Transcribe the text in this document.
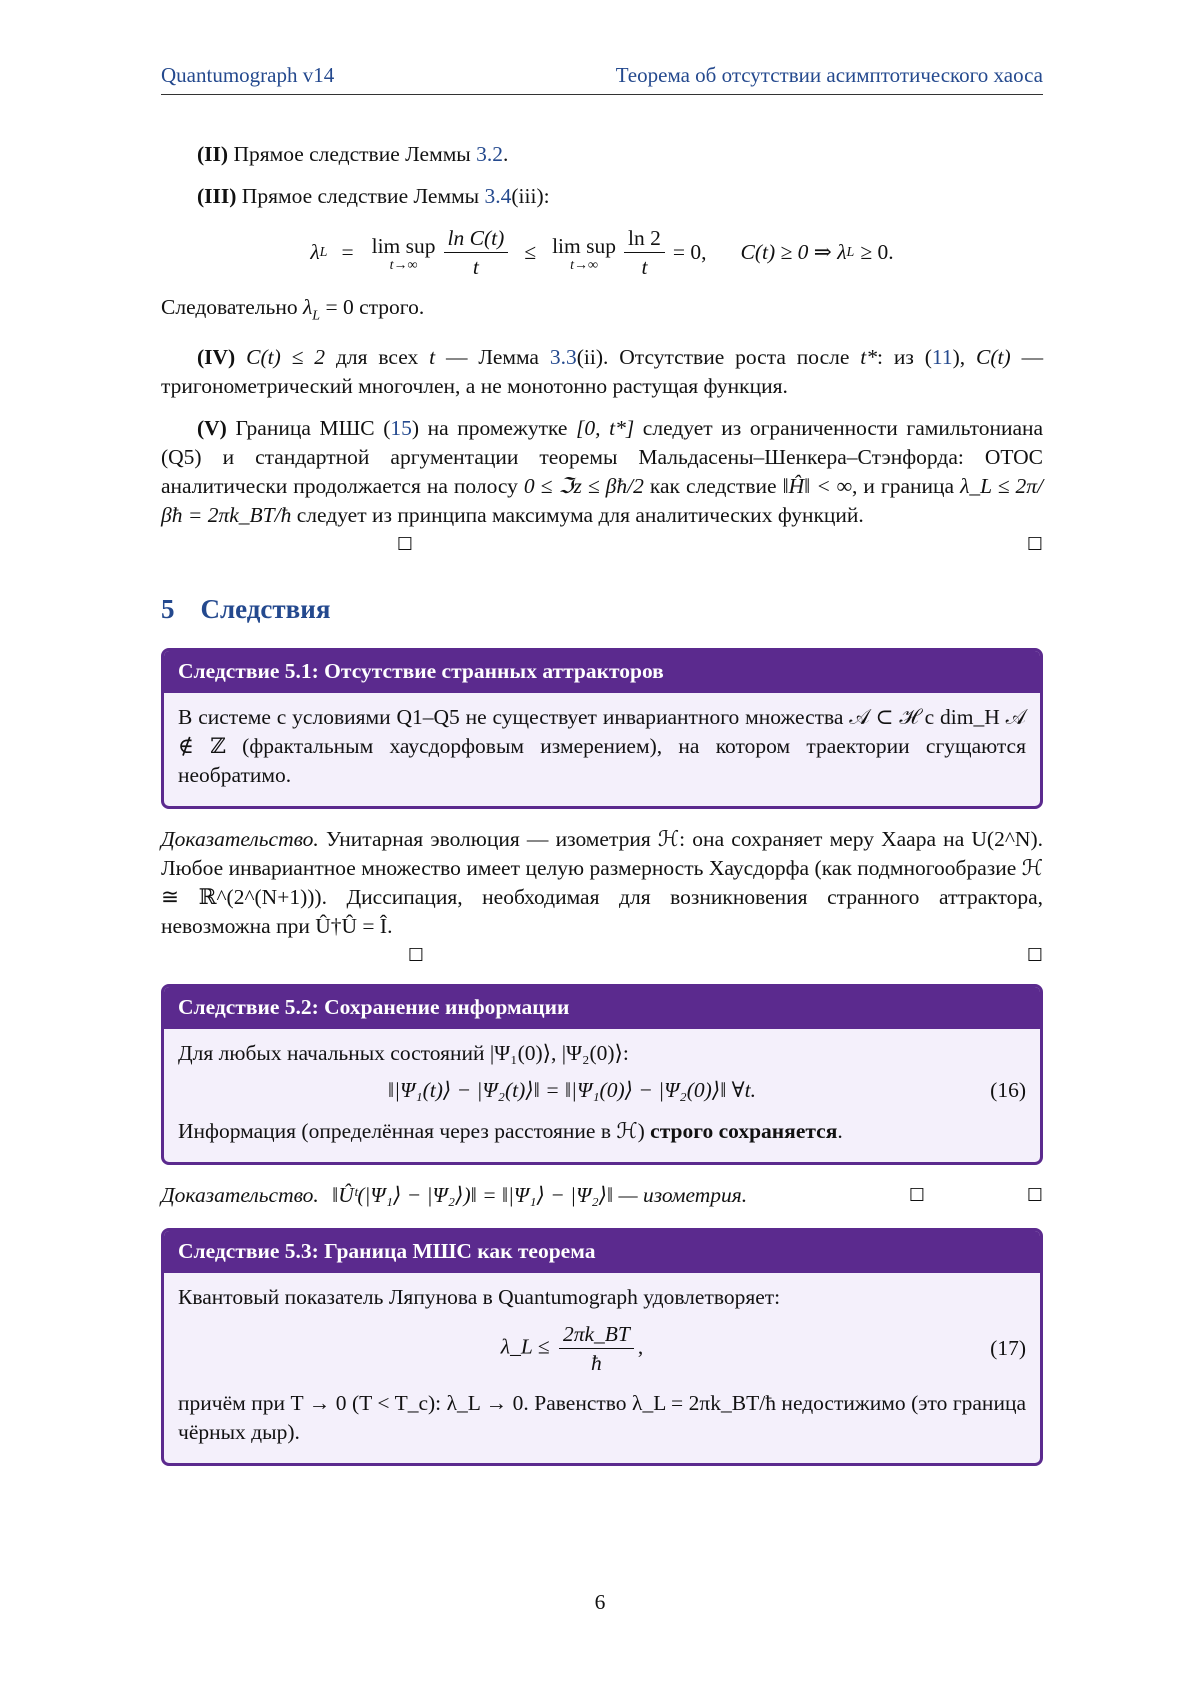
Quantumograph v14	Теорема об отсутствии асимптотического хаоса

(II) Прямое следствие Леммы 3.2.

(III) Прямое следствие Леммы 3.4(iii):

λ L = lim sup
$t\to\infty \frac{\text{ln C(t)}}{t} \le \lim$ sup
$t\to\infty \frac{\ln 2}{t} = 0$, C(t) ≥ 0 ⇒ λ L ≥ 0.

Следовательно $\lambda_L = 0$ строго.

(IV) C(t) ≤ 2 для всех t — Лемма 3.3(ii). Отсутствие роста после t*: из (11), C(t) — тригонометрический многочлен, а не монотонно растущая функция.

(V) Граница МШС (15) на промежутке [0, t*] следует из ограниченности гамильтониана (Q5) и стандартной аргументации теоремы Мальдасены–Шенкера–Стэнфорда: OTOC аналитически продолжается на полосу 0 ≤ ℑz ≤ βħ/2 как следствие ‖Ĥ‖ < ∞, и граница λ_L ≤ 2π/βħ = 2πk_BT/ħ следует из принципа максимума для аналитических функций.

☐	☐
5 Следствия
Следствие 5.1: Отсутствие странных аттракторов

В системе с условиями Q1–Q5 не существует инвариантного множества 𝒜 ⊂ ℋ с dim_H 𝒜 ∉ ℤ (фрактальным хаусдорфовым измерением), на котором траектории сгущаются необратимо.

Доказательство. Унитарная эволюция — изометрия ℋ: она сохраняет меру Хаара на U(2^N). Любое инвариантное множество имеет целую размерность Хаусдорфа (как подмногообразие ℋ ≅ ℝ^(2^(N+1))). Диссипация, необходимая для возникновения странного аттрактора, невозможна при Û†Û = Î.

☐	☐
Следствие 5.2: Сохранение информации

Для любых начальных состояний |Ψ₁(0)⟩, |Ψ₂(0)⟩:

‖|Ψ₁(t)⟩ − |Ψ₂(t)⟩‖ = ‖|Ψ₁(0)⟩ − |Ψ₂(0)⟩‖ ∀t.	(16)

Информация (определённая через расстояние в ℋ) строго сохраняется.

Доказательство. ‖Ûᵗ(|Ψ₁⟩ − |Ψ₂⟩)‖ = ‖|Ψ₁⟩ − |Ψ₂⟩‖ — изометрия.	☐	☐
Следствие 5.3: Граница МШС как теорема

Квантовый показатель Ляпунова в Quantumograph удовлетворяет:

λ_L ≤ $\frac{2\pi k\_BT}{ħ}$ ,	(17)

причём при T → 0 (T < T_c): λ_L → 0. Равенство λ_L = 2πk_BT/ħ недостижимо (это граница чёрных дыр).

6
